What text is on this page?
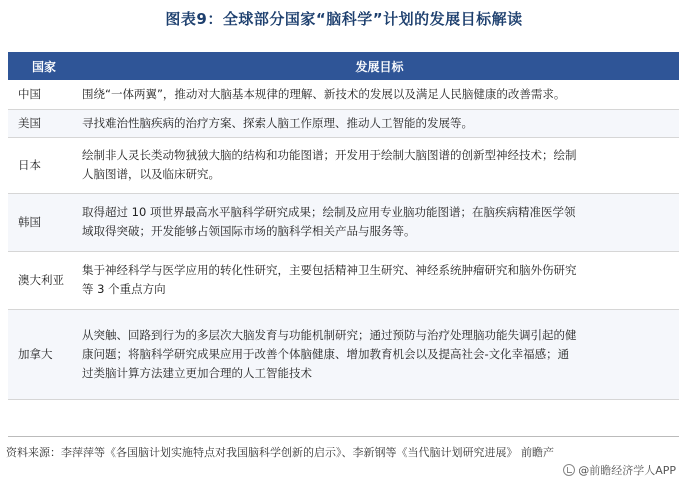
图表9：全球部分国家“脑科学”计划的发展目标解读
国家	发展目标
中国	围绕“一体两翼”，推动对大脑基本规律的理解、新技术的发展以及满足人民脑健康的改善需求。

美国	寻找难治性脑疾病的治疗方案、探索人脑工作原理、推动人工智能的发展等。

日本	绘制非人灵长类动物狨狨大脑的结构和功能图谱；开发用于绘制大脑图谱的创新型神经技术；绘制
人脑图谱，以及临床研究。

韩国	取得超过 10 项世界最高水平脑科学研究成果；绘制及应用专业脑功能图谱；在脑疾病精准医学领
域取得突破；开发能够占领国际市场的脑科学相关产品与服务等。

澳大利亚	集于神经科学与医学应用的转化性研究，主要包括精神卫生研究、神经系统肿瘤研究和脑外伤研究
等 3 个重点方向

加拿大	从突触、回路到行为的多层次大脑发育与功能机制研究；通过预防与治疗处理脑功能失调引起的健
康问题；将脑科学研究成果应用于改善个体脑健康、增加教育机会以及提高社会-文化幸福感；通
过类脑计算方法建立更加合理的人工智能技术
资料来源：李萍萍等《各国脑计划实施特点对我国脑科学创新的启示》、李新钢等《当代脑计划研究进展》 前瞻产
@前瞻经济学人APP
